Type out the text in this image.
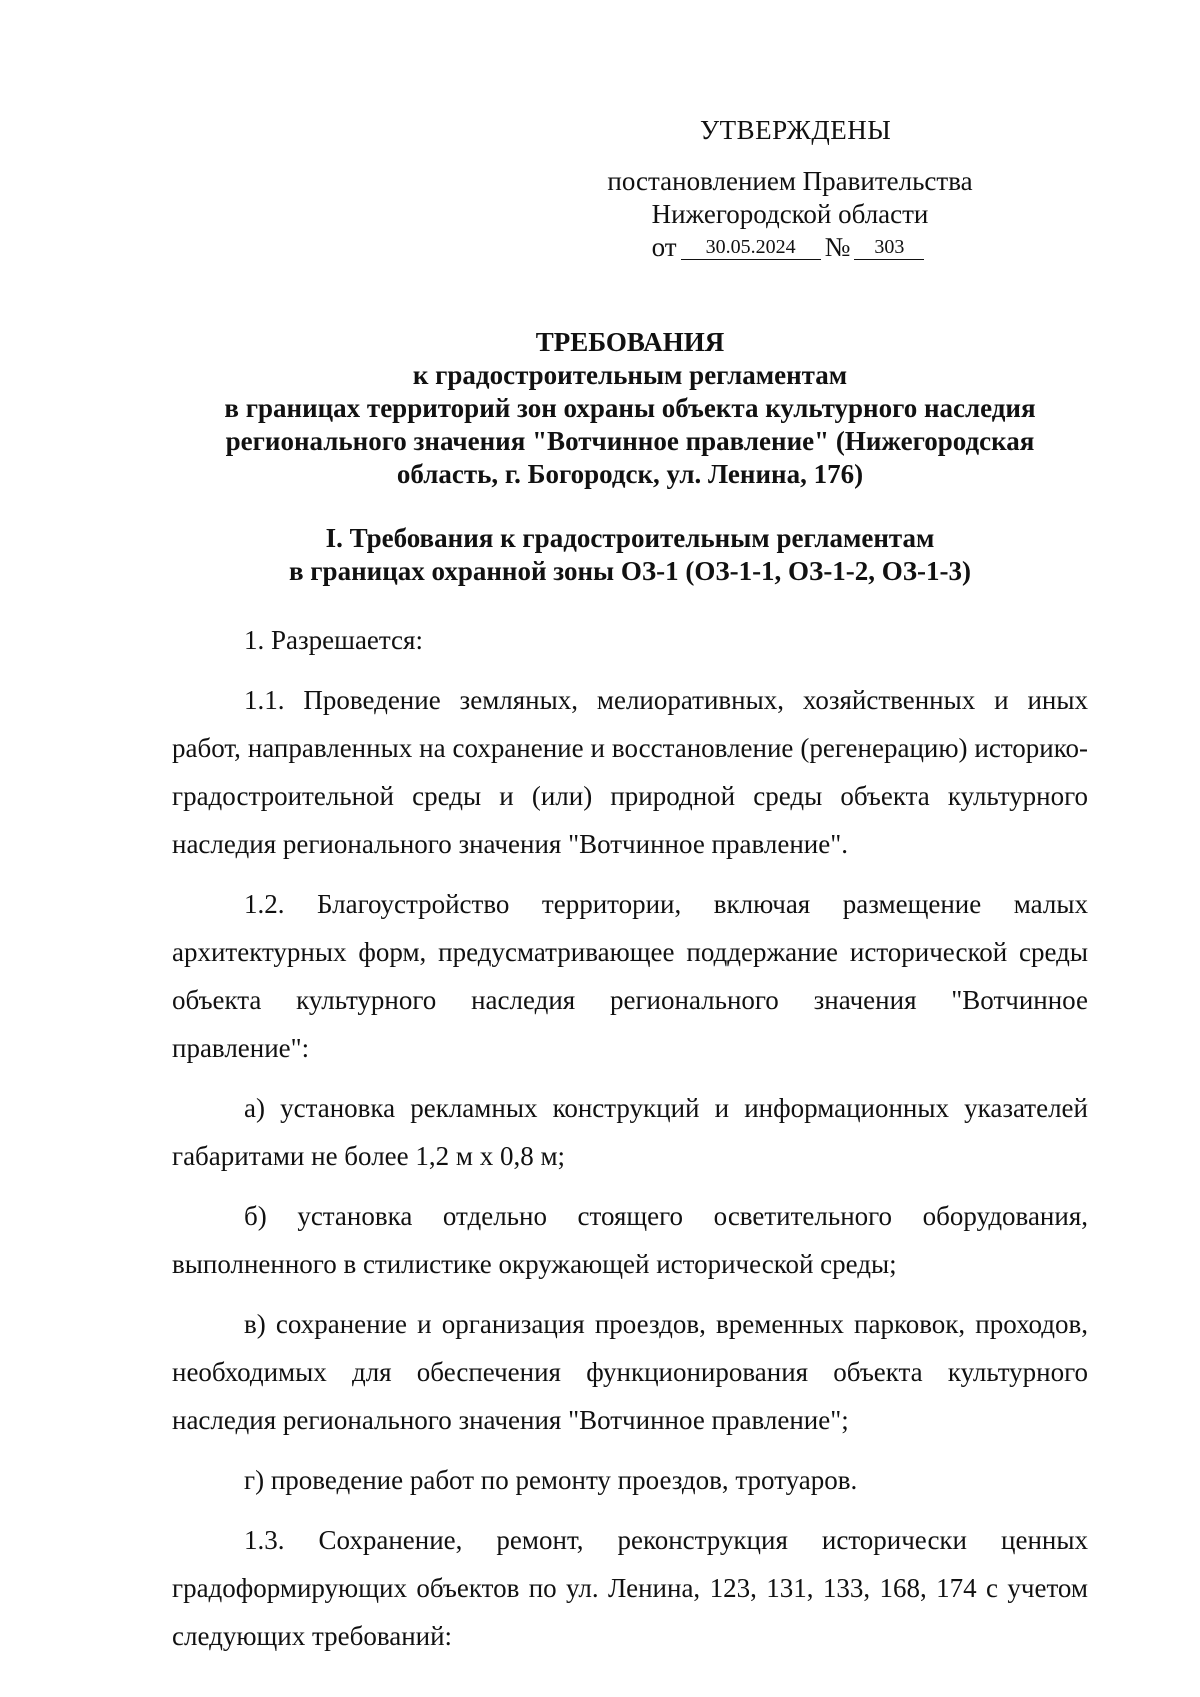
УТВЕРЖДЕНЫ
постановлением Правительства
Нижегородской области
от	30.05.2024	№	303
ТРЕБОВАНИЯ
к градостроительным регламентам
в границах территорий зон охраны объекта культурного наследия
регионального значения "Вотчинное правление" (Нижегородская
область, г. Богородск, ул. Ленина, 176)
I. Требования к градостроительным регламентам
в границах охранной зоны ОЗ-1 (ОЗ-1-1, ОЗ-1-2, ОЗ-1-3)

1. Разрешается:

1.1. Проведение земляных, мелиоративных, хозяйственных и иных работ, направленных на сохранение и восстановление (регенерацию) историко-градостроительной среды и (или) природной среды объекта культурного наследия регионального значения "Вотчинное правление".

1.2. Благоустройство территории, включая размещение малых архитектурных форм, предусматривающее поддержание исторической среды объекта культурного наследия регионального значения "Вотчинное правление":

а) установка рекламных конструкций и информационных указателей габаритами не более 1,2 м x 0,8 м;

б) установка отдельно стоящего осветительного оборудования, выполненного в стилистике окружающей исторической среды;

в) сохранение и организация проездов, временных парковок, проходов, необходимых для обеспечения функционирования объекта культурного наследия регионального значения "Вотчинное правление";

г) проведение работ по ремонту проездов, тротуаров.

1.3. Сохранение, ремонт, реконструкция исторически ценных градоформирующих объектов по ул. Ленина, 123, 131, 133, 168, 174 с учетом следующих требований:
